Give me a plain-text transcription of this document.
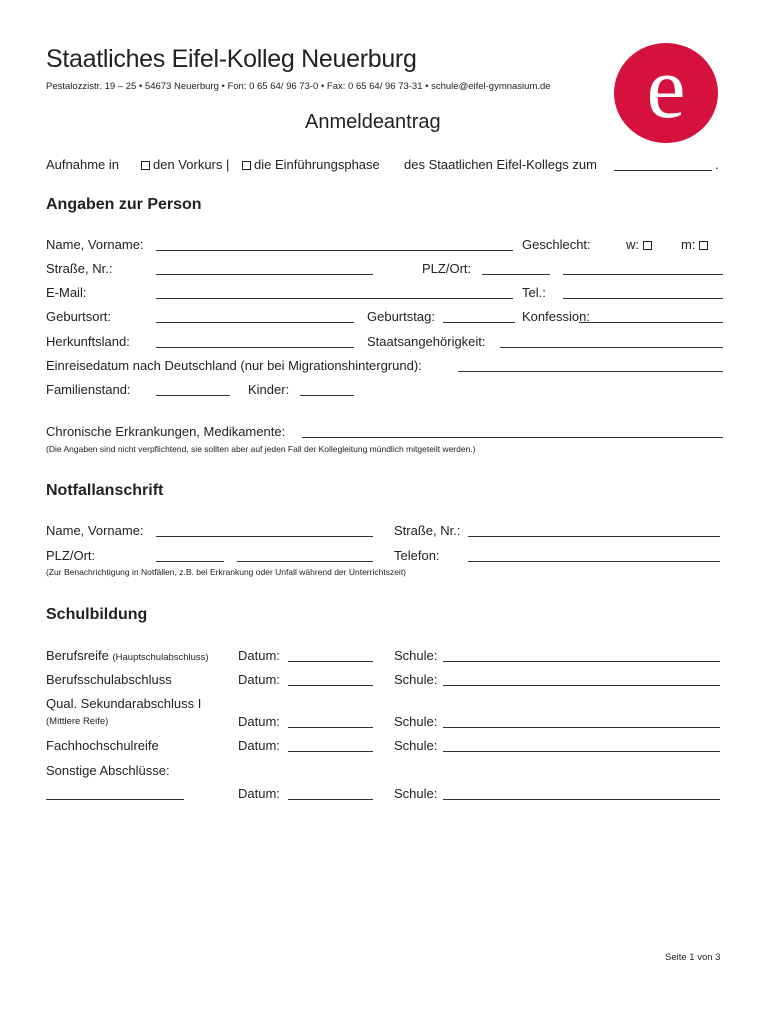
Staatliches Eifel-Kolleg Neuerburg
Pestalozzistr. 19 – 25 • 54673 Neuerburg • Fon: 0 65 64/ 96 73-0 • Fax: 0 65 64/ 96 73-31 • schule@eifel-gymnasium.de e
Anmeldeantrag
Aufnahme in	den Vorkurs |	die Einführungsphase des Staatlichen Eifel-Kollegs zum	.
Angaben zur Person
Name, Vorname:	Geschlecht:	w:	m:
Straße, Nr.:	PLZ/Ort:
E-Mail:	Tel.:
Geburtsort:	Geburtstag:	Konfession:
Herkunftsland:	Staatsangehörigkeit:
Einreisedatum nach Deutschland (nur bei Migrationshintergrund):
Familienstand:	Kinder:
Chronische Erkrankungen, Medikamente:
(Die Angaben sind nicht verpflichtend, sie sollten aber auf jeden Fall der Kollegleitung mündlich mitgeteilt werden.)
Notfallanschrift
Name, Vorname:	Straße, Nr.:
PLZ/Ort:	Telefon:
(Zur Benachrichtigung in Notfällen, z.B. bei Erkrankung oder Unfall während der Unterrichtszeit)
Schulbildung
Berufsreife (Hauptschulabschluss) Datum:	Schule:
Berufsschulabschluss	Datum:	Schule:
Qual. Sekundarabschluss I
(Mittlere Reife)	Datum:	Schule:
Fachhochschulreife	Datum:	Schule:
Sonstige Abschlüsse:
Datum:	Schule:
Seite 1 von 3
